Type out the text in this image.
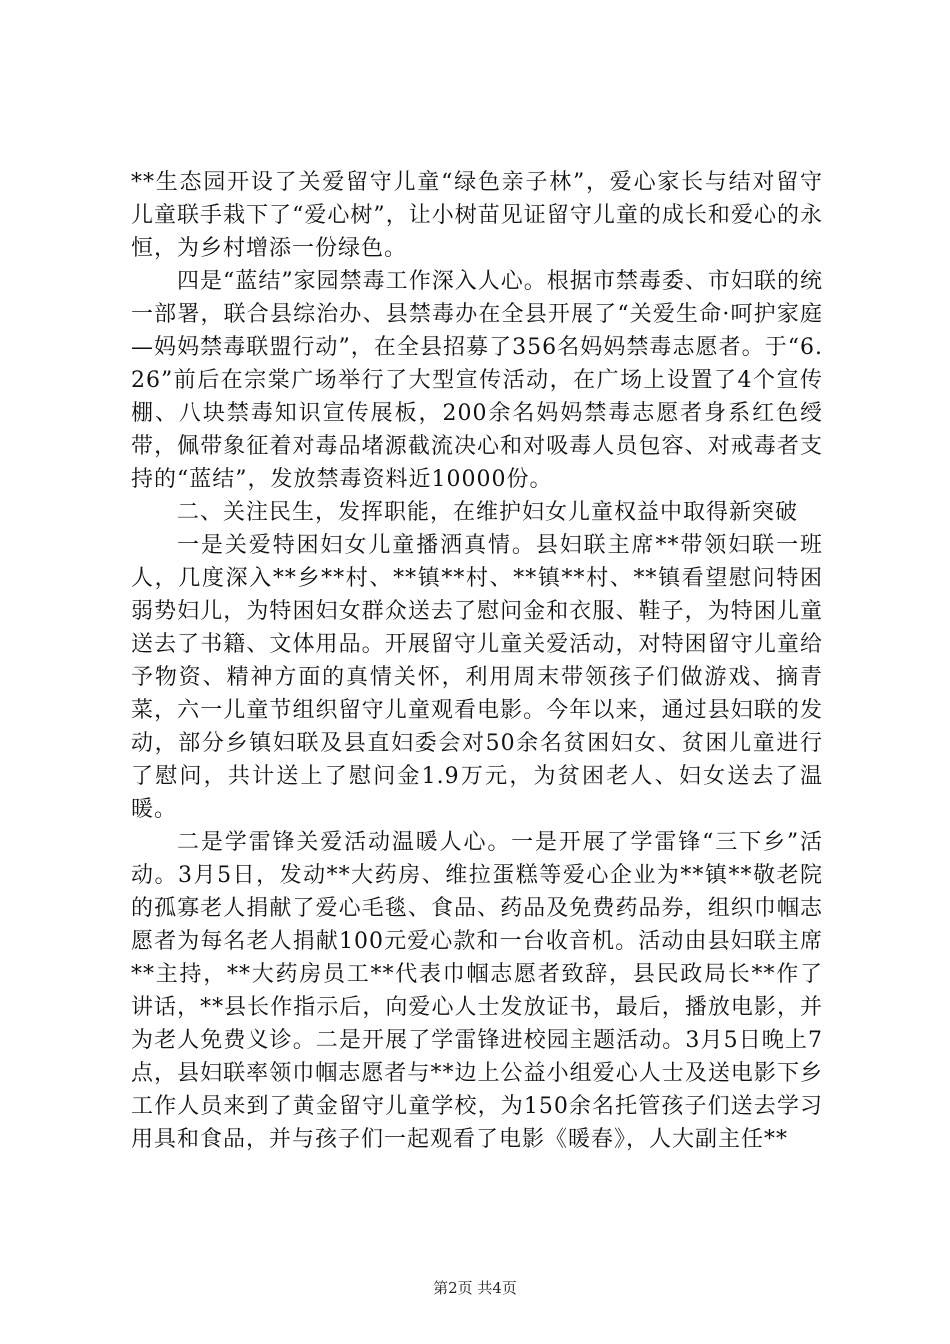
**生态园开设了关爱留守儿童“绿色亲子林”，爱心家长与结对留守儿童联手栽下了“爱心树”，让小树苗见证留守儿童的成长和爱心的永恒，为乡村增添一份绿色。

四是“蓝结”家园禁毒工作深入人心。根据市禁毒委、市妇联的统一部署，联合县综治办、县禁毒办在全县开展了“关爱生命·呵护家庭—妈妈禁毒联盟行动”，在全县招募了356名妈妈禁毒志愿者。于“6.26”前后在宗棠广场举行了大型宣传活动，在广场上设置了4个宣传棚、八块禁毒知识宣传展板，200余名妈妈禁毒志愿者身系红色绶带，佩带象征着对毒品堵源截流决心和对吸毒人员包容、对戒毒者支持的“蓝结”，发放禁毒资料近10000份。

二、关注民生，发挥职能，在维护妇女儿童权益中取得新突破

一是关爱特困妇女儿童播洒真情。县妇联主席**带领妇联一班人，几度深入**乡**村、**镇**村、**镇**村、**镇看望慰问特困弱势妇儿，为特困妇女群众送去了慰问金和衣服、鞋子，为特困儿童送去了书籍、文体用品。开展留守儿童关爱活动，对特困留守儿童给予物资、精神方面的真情关怀，利用周末带领孩子们做游戏、摘青菜，六一儿童节组织留守儿童观看电影。今年以来，通过县妇联的发动，部分乡镇妇联及县直妇委会对50余名贫困妇女、贫困儿童进行了慰问，共计送上了慰问金1.9万元，为贫困老人、妇女送去了温暖。

二是学雷锋关爱活动温暖人心。一是开展了学雷锋“三下乡”活动。3月5日，发动**大药房、维拉蛋糕等爱心企业为**镇**敬老院的孤寡老人捐献了爱心毛毯、食品、药品及免费药品券，组织巾帼志愿者为每名老人捐献100元爱心款和一台收音机。活动由县妇联主席**主持，**大药房员工**代表巾帼志愿者致辞，县民政局长**作了讲话，**县长作指示后，向爱心人士发放证书，最后，播放电影，并为老人免费义诊。二是开展了学雷锋进校园主题活动。3月5日晚上7点，县妇联率领巾帼志愿者与**边上公益小组爱心人士及送电影下乡工作人员来到了黄金留守儿童学校，为150余名托管孩子们送去学习用具和食品，并与孩子们一起观看了电影《暖春》，人大副主任**

第2页 共4页
